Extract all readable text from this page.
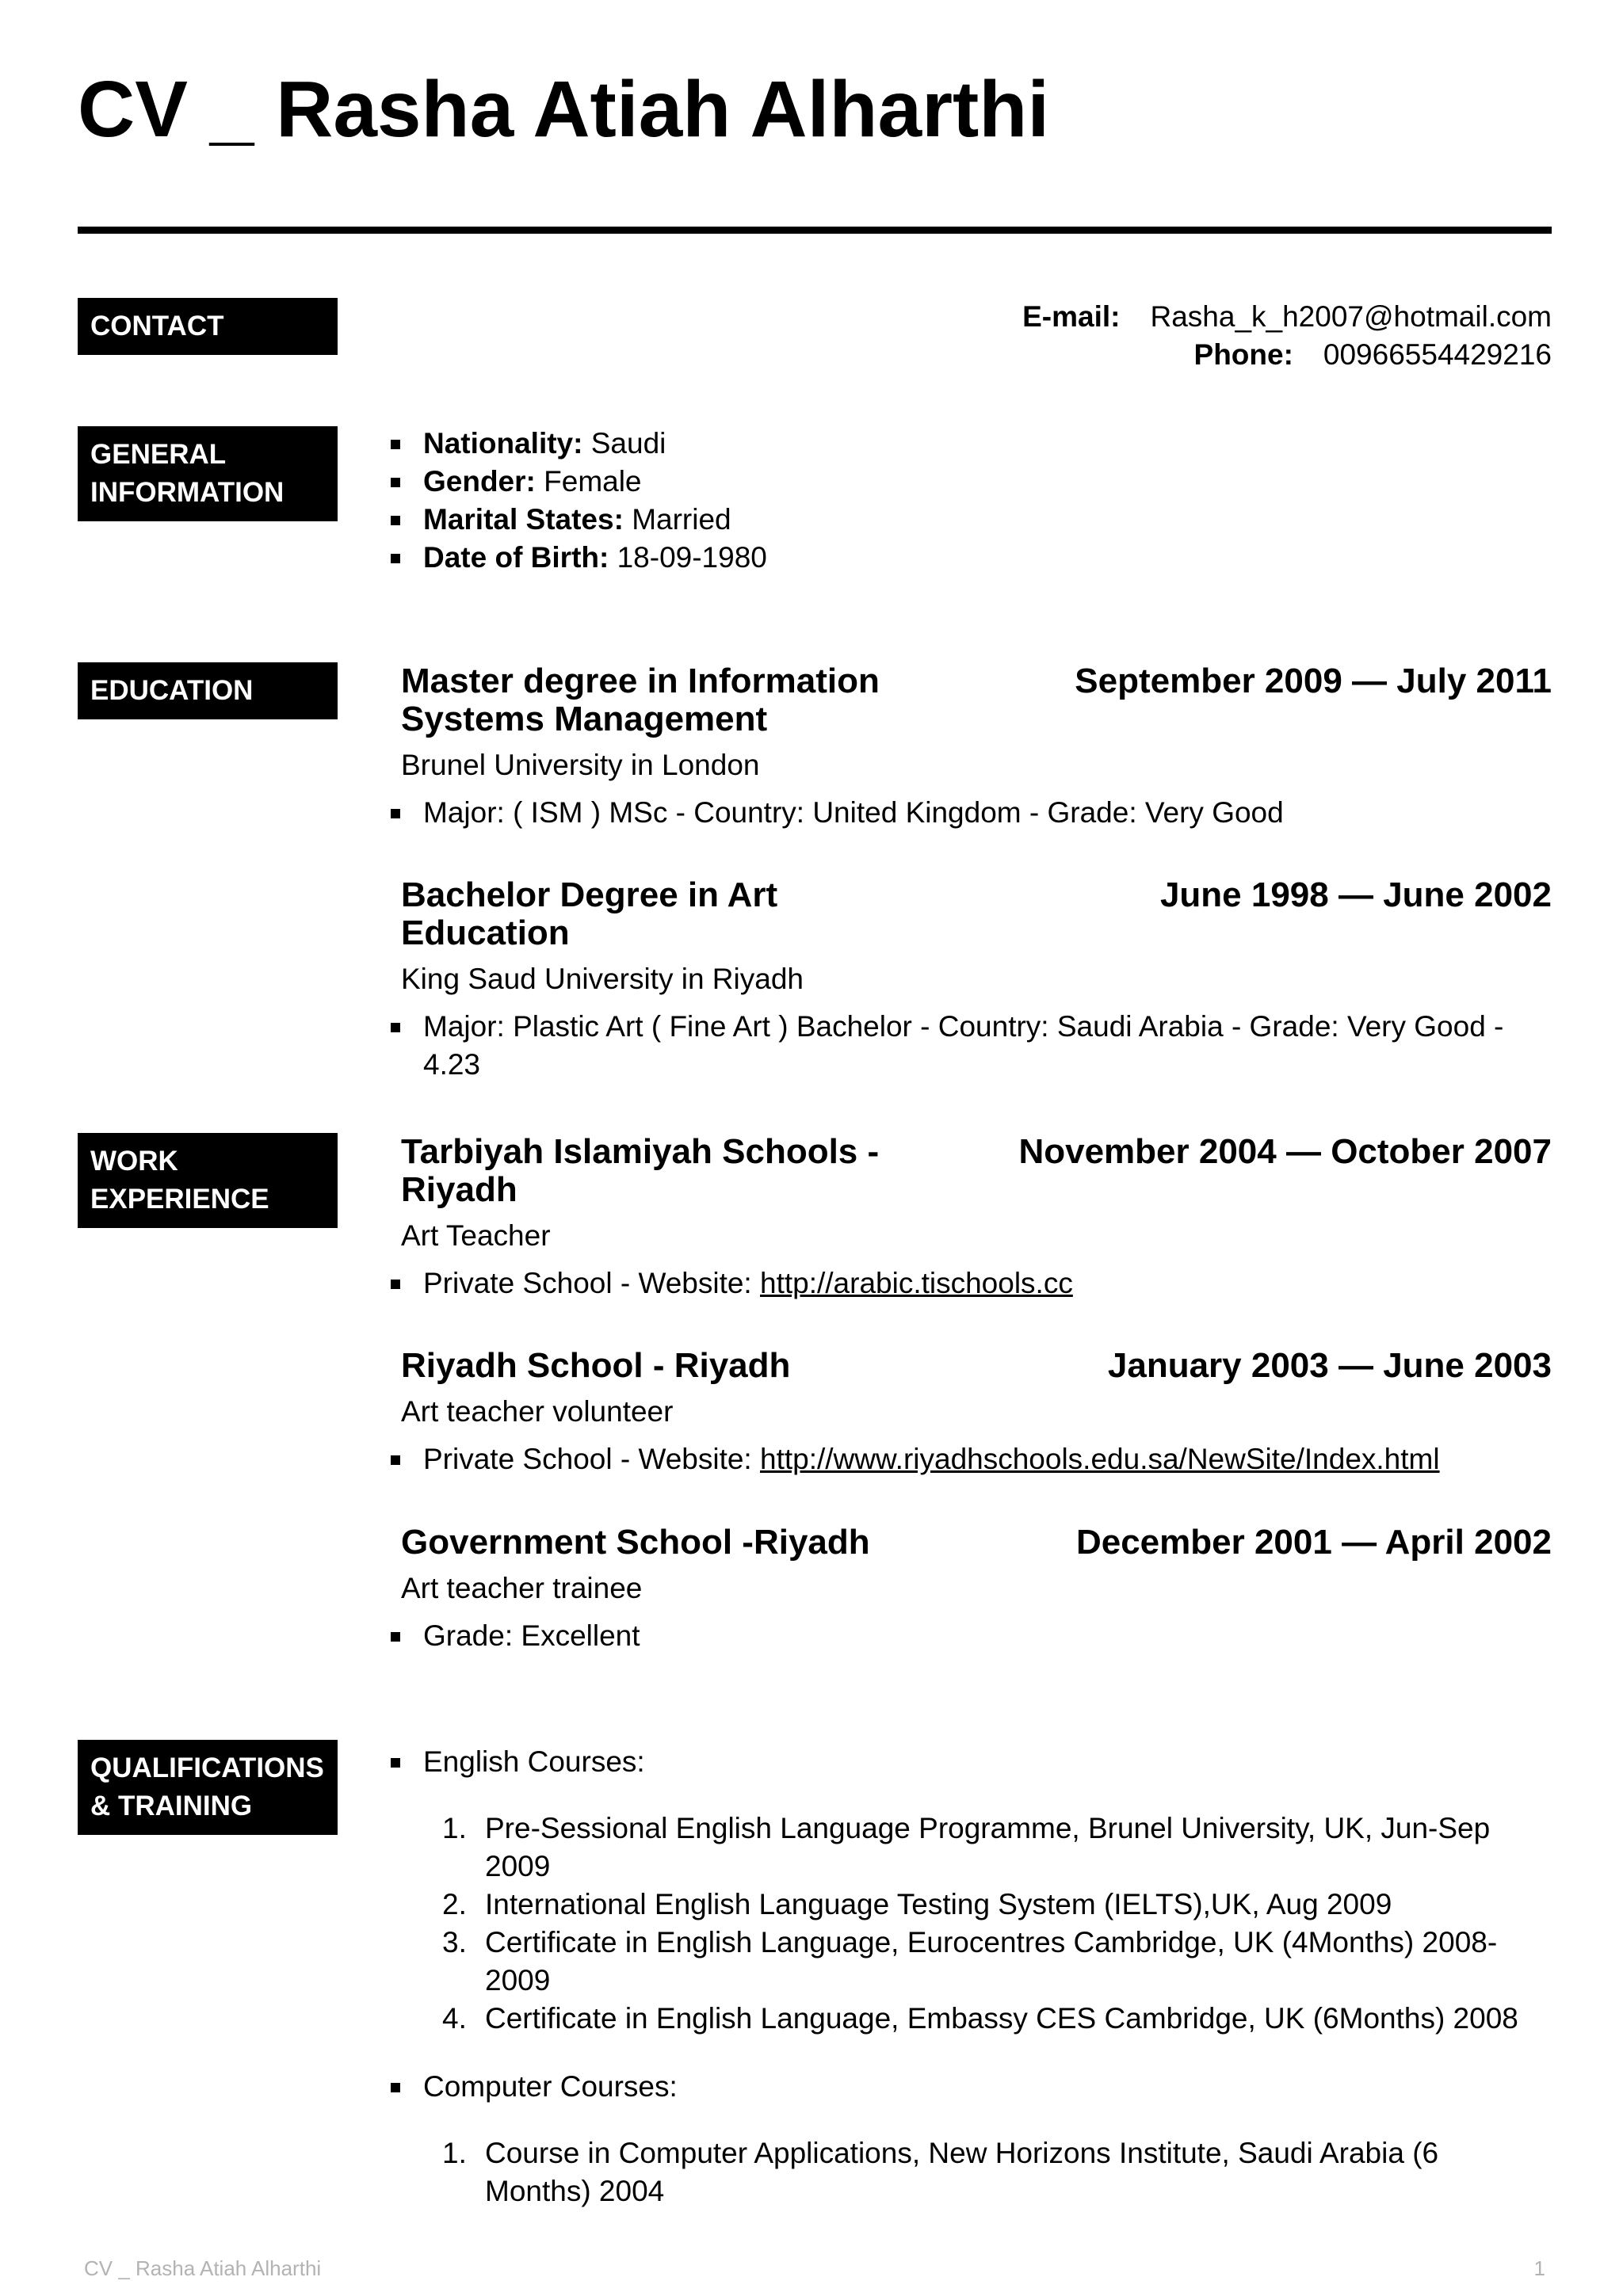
CV _ Rasha Atiah Alharthi
CONTACT	E-mail: Rasha_k_h2007@hotmail.com
Phone: 00966554429216
GENERAL INFORMATION
Nationality: Saudi
Gender: Female
Marital States: Married
Date of Birth: 18-09-1980
EDUCATION	Master degree in Information Systems Management
September 2009 — July 2011
Brunel University in London
Major: ( ISM ) MSc - Country: United Kingdom - Grade: Very Good
Bachelor Degree in Art Education
June 1998 — June 2002
King Saud University in Riyadh
Major: Plastic Art ( Fine Art ) Bachelor - Country: Saudi Arabia - Grade: Very Good - 4.23
WORK EXPERIENCE
Tarbiyah Islamiyah Schools - Riyadh
November 2004 — October 2007
Art Teacher
Private School - Website: http://arabic.tischools.cc
Riyadh School - Riyadh	January 2003 — June 2003
Art teacher volunteer
Private School - Website: http://www.riyadhschools.edu.sa/NewSite/Index.html
Government School -Riyadh	December 2001 — April 2002
Art teacher trainee
Grade: Excellent
QUALIFICATIONS & TRAINING
English Courses:
1. Pre-Sessional English Language Programme, Brunel University, UK, Jun-Sep 2009
2. International English Language Testing System (IELTS),UK, Aug 2009
3. Certificate in English Language, Eurocentres Cambridge, UK (4Months) 2008-2009
4. Certificate in English Language, Embassy CES Cambridge, UK (6Months) 2008
Computer Courses:
1. Course in Computer Applications, New Horizons Institute, Saudi Arabia (6 Months) 2004
CV _ Rasha Atiah Alharthi	1
